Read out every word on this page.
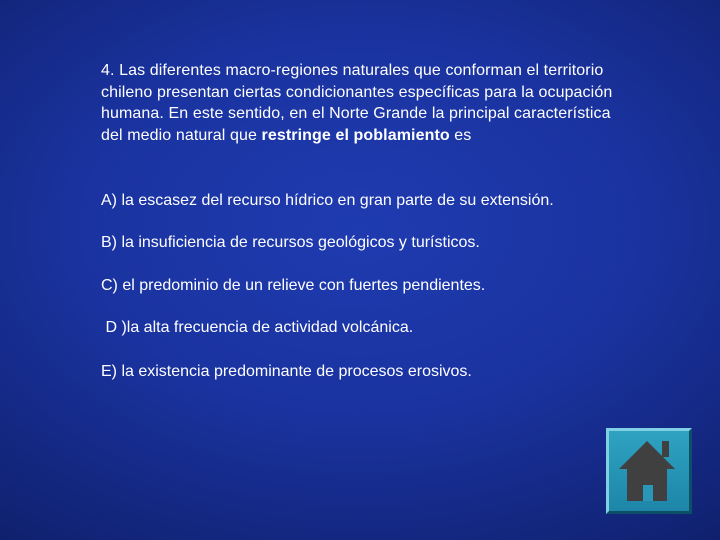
4. Las diferentes macro-regiones naturales que conforman el territorio chileno presentan ciertas condicionantes específicas para la ocupación humana. En este sentido, en el Norte Grande la principal característica del medio natural que restringe el poblamiento es
A) la escasez del recurso hídrico en gran parte de su extensión.
B) la insuficiencia de recursos geológicos y turísticos.
C) el predominio de un relieve con fuertes pendientes.
D )la alta frecuencia de actividad volcánica.
E) la existencia predominante de procesos erosivos.
